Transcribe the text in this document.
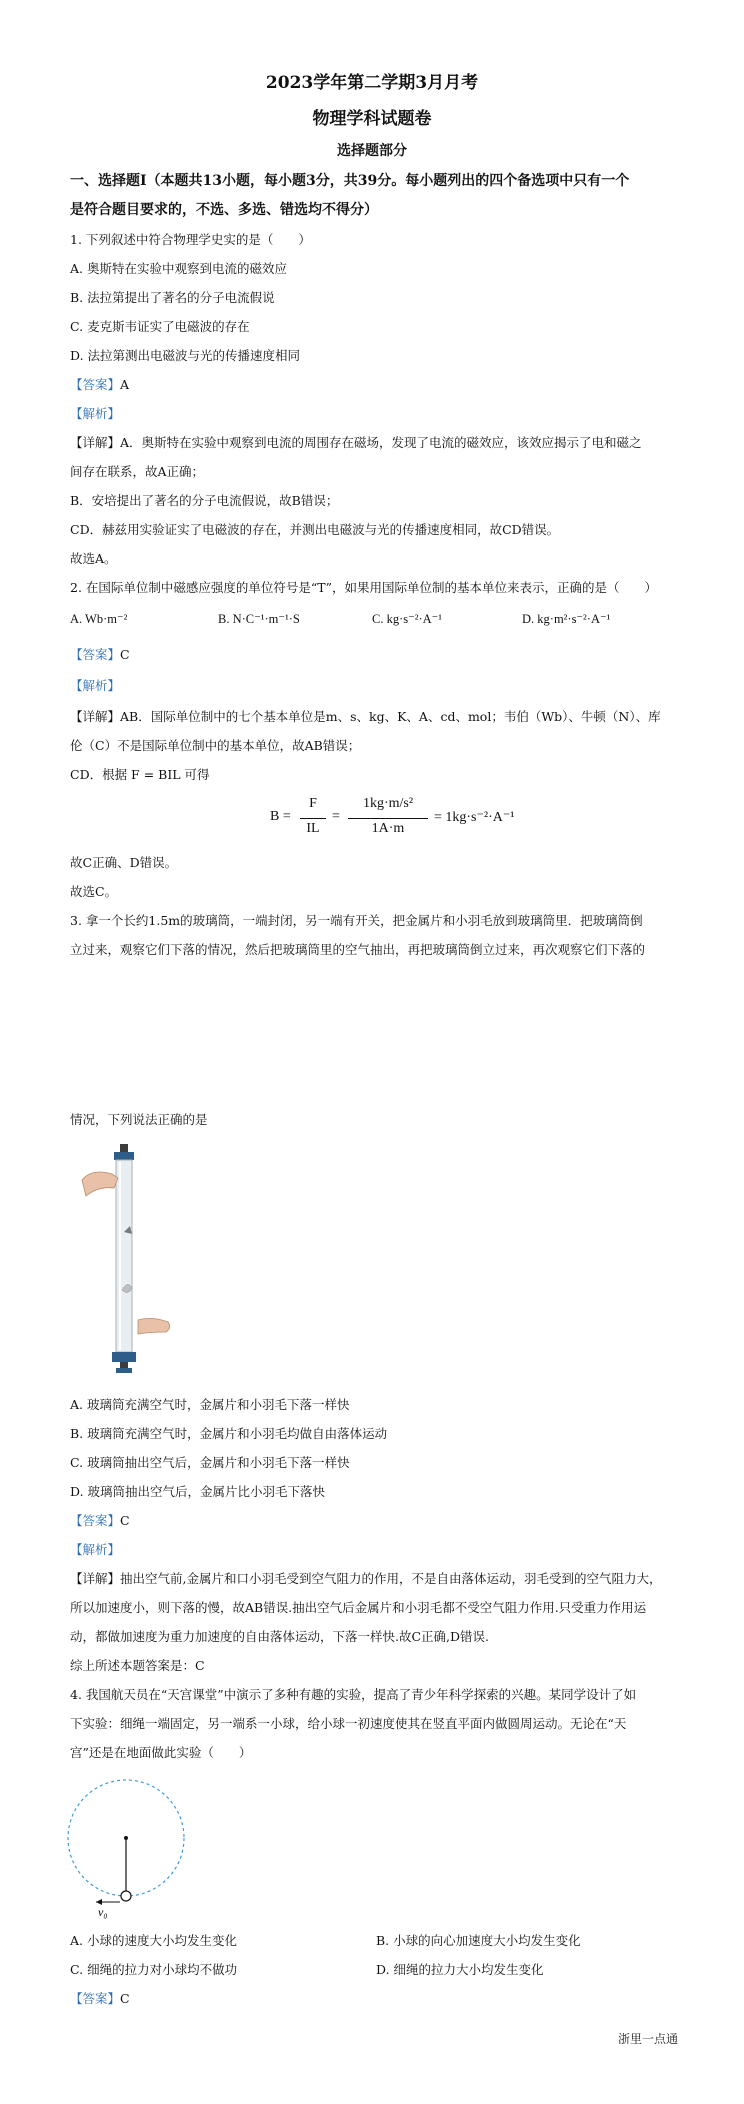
2023学年第二学期3月月考
物理学科试题卷
选择题部分
一、选择题Ⅰ（本题共13小题，每小题3分，共39分。每小题列出的四个备选项中只有一个
是符合题目要求的，不选、多选、错选均不得分）
1. 下列叙述中符合物理学史实的是（　　）
A. 奥斯特在实验中观察到电流的磁效应
B. 法拉第提出了著名的分子电流假说
C. 麦克斯韦证实了电磁波的存在
D. 法拉第测出电磁波与光的传播速度相同
【答案】A
【解析】
【详解】A．奥斯特在实验中观察到电流的周围存在磁场，发现了电流的磁效应，该效应揭示了电和磁之
间存在联系，故A正确；
B．安培提出了著名的分子电流假说，故B错误；
CD．赫兹用实验证实了电磁波的存在，并测出电磁波与光的传播速度相同，故CD错误。
故选A。
2. 在国际单位制中磁感应强度的单位符号是“T”，如果用国际单位制的基本单位来表示，正确的是（　　）
A. Wb·m⁻²	B. N·C⁻¹·m⁻¹·S	C. kg·s⁻²·A⁻¹	D. kg·m²·s⁻²·A⁻¹
【答案】C
【解析】
【详解】AB．国际单位制中的七个基本单位是m、s、kg、K、A、cd、mol；韦伯（Wb）、牛顿（N）、库
伦（C）不是国际单位制中的基本单位，故AB错误；
CD．根据 F = BIL 可得
B =
F
IL
=
1kg·m/s²
1A·m
= 1kg·s⁻²·A⁻¹
故C正确、D错误。
故选C。
3. 拿一个长约1.5m的玻璃筒，一端封闭，另一端有开关，把金属片和小羽毛放到玻璃筒里．把玻璃筒倒
立过来，观察它们下落的情况，然后把玻璃筒里的空气抽出，再把玻璃筒倒立过来，再次观察它们下落的
情况，下列说法正确的是
A. 玻璃筒充满空气时，金属片和小羽毛下落一样快
B. 玻璃筒充满空气时，金属片和小羽毛均做自由落体运动
C. 玻璃筒抽出空气后，金属片和小羽毛下落一样快
D. 玻璃筒抽出空气后，金属片比小羽毛下落快
【答案】C
【解析】
【详解】抽出空气前,金属片和口小羽毛受到空气阻力的作用，不是自由落体运动，羽毛受到的空气阻力大，
所以加速度小，则下落的慢，故AB错误.抽出空气后金属片和小羽毛都不受空气阻力作用.只受重力作用运
动，都做加速度为重力加速度的自由落体运动，下落一样快.故C正确,D错误.
综上所述本题答案是：C
4. 我国航天员在“天宫课堂”中演示了多种有趣的实验，提高了青少年科学探索的兴趣。某同学设计了如
下实验：细绳一端固定，另一端系一小球，给小球一初速度使其在竖直平面内做圆周运动。无论在“天
宫”还是在地面做此实验（　　）
v₀
A. 小球的速度大小均发生变化	B. 小球的向心加速度大小均发生变化
C. 细绳的拉力对小球均不做功	D. 细绳的拉力大小均发生变化
【答案】C
浙里一点通
